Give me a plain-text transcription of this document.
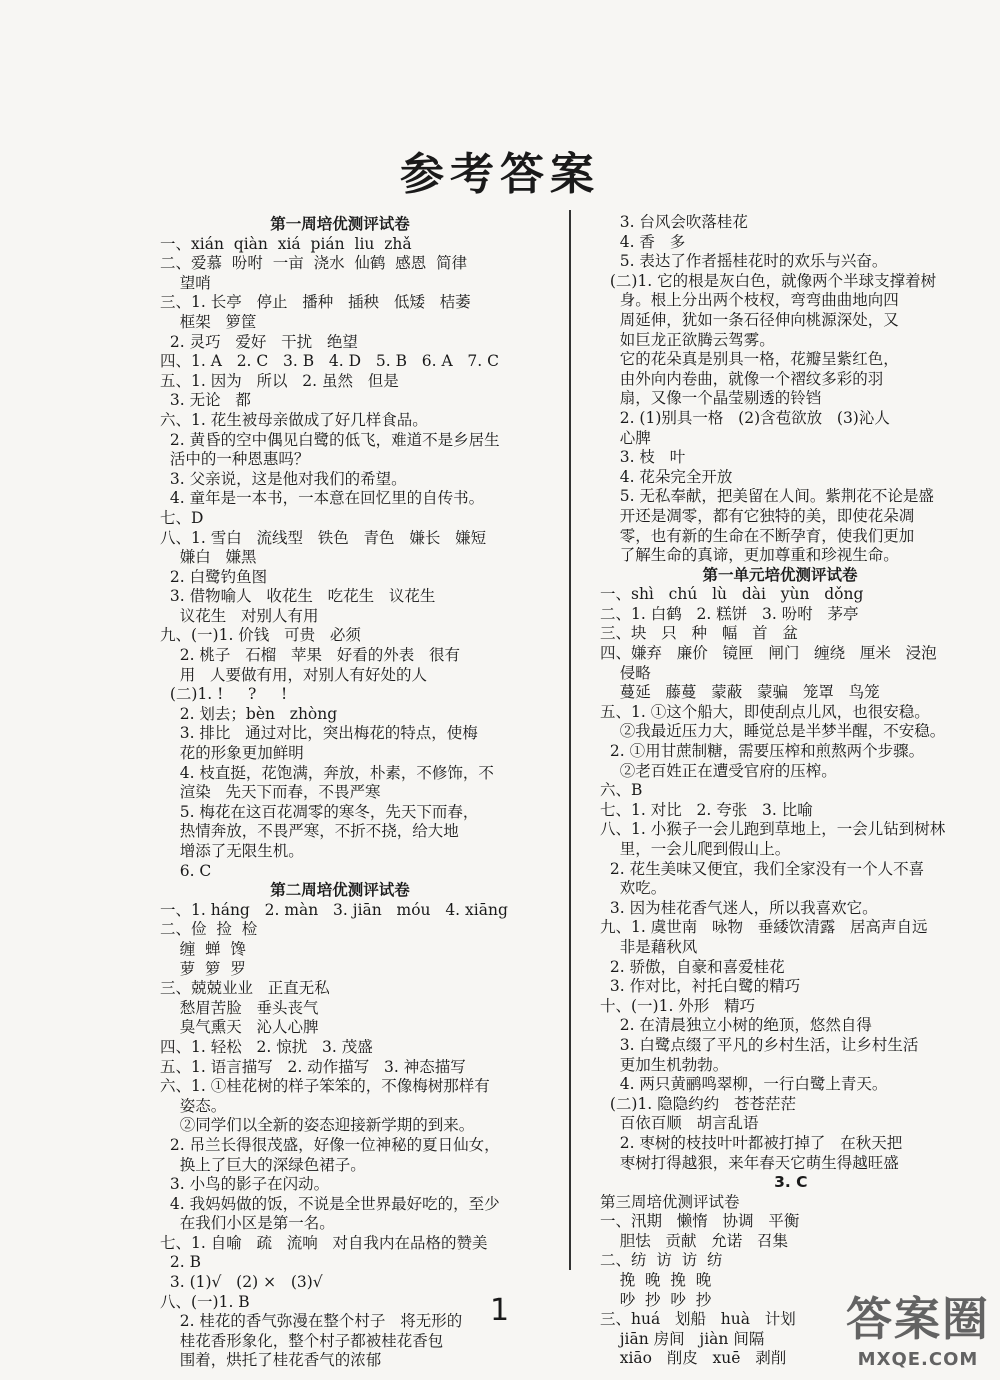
参考答案
第一周培优测评试卷
一、xián  qiàn  xiá  pián  liu  zhǎ
二、爱慕  吩咐  一亩  浇水  仙鹤  感恩  简律
望哨
三、1. 长亭   停止   播种   插秧   低矮   桔萎
框架   箩筐
2. 灵巧   爱好   干扰   绝望
四、1. A   2. C   3. B   4. D   5. B   6. A   7. C
五、1. 因为   所以   2. 虽然   但是
3. 无论   都
六、1. 花生被母亲做成了好几样食品。
2. 黄昏的空中偶见白鹭的低飞，难道不是乡居生
活中的一种恩惠吗？
3. 父亲说，这是他对我们的希望。
4. 童年是一本书，一本意在回忆里的自传书。
七、D
八、1. 雪白   流线型   铁色   青色   嫌长   嫌短
嫌白   嫌黑
2. 白鹭钓鱼图
3. 借物喻人   收花生   吃花生   议花生
议花生   对别人有用
九、(一)1. 价钱   可贵   必须
2. 桃子   石榴   苹果   好看的外表   很有
用   人要做有用，对别人有好处的人
(二)1. !     ?     !
2. 划去；bèn   zhòng
3. 排比   通过对比，突出梅花的特点，使梅
花的形象更加鲜明
4. 枝直挺，花饱满，奔放，朴素，不修饰，不
渲染   先天下而春，不畏严寒
5. 梅花在这百花凋零的寒冬，先天下而春，
热情奔放，不畏严寒，不折不挠，给大地
增添了无限生机。
6. C
第二周培优测评试卷
一、1. háng   2. màn   3. jiān   móu   4. xiāng
二、俭  捡  检
缠  蝉  馋
萝  箩  罗
三、兢兢业业   正直无私
愁眉苦脸   垂头丧气
臭气熏天   沁人心脾
四、1. 轻松   2. 惊扰   3. 茂盛
五、1. 语言描写   2. 动作描写   3. 神态描写
六、1. ①桂花树的样子笨笨的，不像梅树那样有
姿态。
②同学们以全新的姿态迎接新学期的到来。
2. 吊兰长得很茂盛，好像一位神秘的夏日仙女，
换上了巨大的深绿色裙子。
3. 小鸟的影子在闪动。
4. 我妈妈做的饭，不说是全世界最好吃的，至少
在我们小区是第一名。
七、1. 自喻   疏   流响   对自我内在品格的赞美
2. B
3. (1)√   (2) ×   (3)√
八、(一)1. B
2. 桂花的香气弥漫在整个村子   将无形的
桂花香形象化，整个村子都被桂花香包
围着，烘托了桂花香气的浓郁
3. 台风会吹落桂花
4. 香   多
5. 表达了作者摇桂花时的欢乐与兴奋。
(二)1. 它的根是灰白色，就像两个半球支撑着树
身。根上分出两个枝杈，弯弯曲曲地向四
周延伸，犹如一条石径伸向桃源深处，又
如巨龙正欲腾云驾雾。
它的花朵真是别具一格，花瓣呈紫红色，
由外向内卷曲，就像一个褶纹多彩的羽
扇，又像一个晶莹剔透的铃铛
2. (1)别具一格   (2)含苞欲放   (3)沁人
心脾
3. 枝   叶
4. 花朵完全开放
5. 无私奉献，把美留在人间。紫荆花不论是盛
开还是凋零，都有它独特的美，即使花朵凋
零，也有新的生命在不断孕育，使我们更加
了解生命的真谛，更加尊重和珍视生命。
第一单元培优测评试卷
一、shì   chú   lù   dài   yùn   dǒng
二、1. 白鹤   2. 糕饼   3. 吩咐   茅亭
三、块   只   种   幅   首   盆
四、嫌弃   廉价   镜匣   闸门   缠绕   厘米   浸泡
侵略
蔓延   藤蔓   蒙蔽   蒙骗   笼罩   鸟笼
五、1. ①这个船大，即使刮点儿风，也很安稳。
②我最近压力大，睡觉总是半梦半醒，不安稳。
2. ①用甘蔗制糖，需要压榨和煎熬两个步骤。
②老百姓正在遭受官府的压榨。
六、B
七、1. 对比   2. 夸张   3. 比喻
八、1. 小猴子一会儿跑到草地上，一会儿钻到树林
里，一会儿爬到假山上。
2. 花生美味又便宜，我们全家没有一个人不喜
欢吃。
3. 因为桂花香气迷人，所以我喜欢它。
九、1. 虞世南   咏物   垂緌饮清露   居高声自远
非是藉秋风
2. 骄傲，自豪和喜爱桂花
3. 作对比，衬托白鹭的精巧
十、(一)1. 外形   精巧
2. 在清晨独立小树的绝顶，悠然自得
3. 白鹭点缀了平凡的乡村生活，让乡村生活
更加生机勃勃。
4. 两只黄鹂鸣翠柳，一行白鹭上青天。
(二)1. 隐隐约约   苍苍茫茫
百依百顺   胡言乱语
2. 枣树的枝技叶叶都被打掉了   在秋天把
枣树打得越狠，来年春天它萌生得越旺盛
3. C
第三周培优测评试卷
一、汛期   懒惰   协调   平衡
胆怯   贡献   允诺   召集
二、纺  访  访  纺
挽  晚  挽  晚
吵  抄  吵  抄
三、huá   划船   huà   计划
jiān 房间   jiàn 间隔
xiāo   削皮   xuē   剥削
1	答案圈
MXQE.COM
